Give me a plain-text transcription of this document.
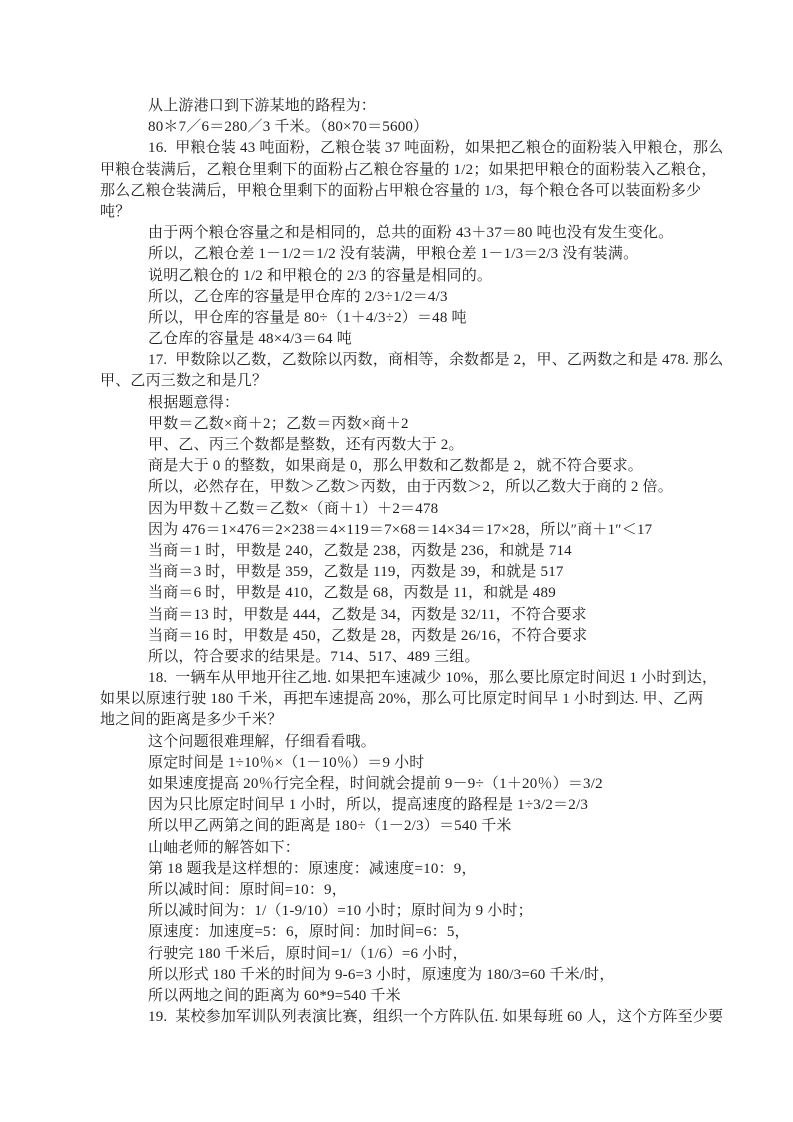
从上游港口到下游某地的路程为：
80＊7／6＝280／3 千米。（80×70＝5600）
16.  甲粮仓装 43 吨面粉，乙粮仓装 37 吨面粉，如果把乙粮仓的面粉装入甲粮仓，那么
甲粮仓装满后，乙粮仓里剩下的面粉占乙粮仓容量的 1/2；如果把甲粮仓的面粉装入乙粮仓，
那么乙粮仓装满后，甲粮仓里剩下的面粉占甲粮仓容量的 1/3，每个粮仓各可以装面粉多少
吨？
由于两个粮仓容量之和是相同的，总共的面粉 43＋37＝80 吨也没有发生变化。
所以，乙粮仓差 1－1/2＝1/2 没有装满，甲粮仓差 1－1/3＝2/3 没有装满。
说明乙粮仓的 1/2 和甲粮仓的 2/3 的容量是相同的。
所以，乙仓库的容量是甲仓库的 2/3÷1/2＝4/3
所以，甲仓库的容量是 80÷（1＋4/3÷2）＝48 吨
乙仓库的容量是 48×4/3＝64 吨
17.  甲数除以乙数，乙数除以丙数，商相等，余数都是 2，甲、乙两数之和是 478. 那么
甲、乙丙三数之和是几？
根据题意得：
甲数＝乙数×商＋2；乙数＝丙数×商＋2
甲、乙、丙三个数都是整数，还有丙数大于 2。
商是大于 0 的整数，如果商是 0，那么甲数和乙数都是 2，就不符合要求。
所以，必然存在，甲数＞乙数＞丙数，由于丙数＞2，所以乙数大于商的 2 倍。
因为甲数＋乙数＝乙数×（商＋1）＋2＝478
因为 476＝1×476＝2×238＝4×119＝7×68＝14×34＝17×28，所以″商＋1″＜17
当商＝1 时，甲数是 240，乙数是 238，丙数是 236，和就是 714
当商＝3 时，甲数是 359，乙数是 119，丙数是 39，和就是 517
当商＝6 时，甲数是 410，乙数是 68，丙数是 11，和就是 489
当商＝13 时，甲数是 444，乙数是 34，丙数是 32/11，不符合要求
当商＝16 时，甲数是 450，乙数是 28，丙数是 26/16，不符合要求
所以，符合要求的结果是。714、517、489 三组。
18.  一辆车从甲地开往乙地. 如果把车速减少 10%，那么要比原定时间迟 1 小时到达，
如果以原速行驶 180 千米，再把车速提高 20%，那么可比原定时间早 1 小时到达. 甲、乙两
地之间的距离是多少千米？
这个问题很难理解，仔细看看哦。
原定时间是 1÷10％×（1－10％）＝9 小时
如果速度提高 20％行完全程，时间就会提前 9－9÷（1＋20％）＝3/2
因为只比原定时间早 1 小时，所以，提高速度的路程是 1÷3/2＝2/3
所以甲乙两第之间的距离是 180÷（1－2/3）＝540 千米
山岫老师的解答如下：
第 18 题我是这样想的：原速度：减速度=10：9，
所以减时间：原时间=10：9，
所以减时间为：1/（1-9/10）=10 小时；原时间为 9 小时；
原速度：加速度=5：6，原时间：加时间=6：5，
行驶完 180 千米后，原时间=1/（1/6）=6 小时，
所以形式 180 千米的时间为 9-6=3 小时，原速度为 180/3=60 千米/时，
所以两地之间的距离为 60*9=540 千米
19.  某校参加军训队列表演比赛，组织一个方阵队伍. 如果每班 60 人，这个方阵至少要
